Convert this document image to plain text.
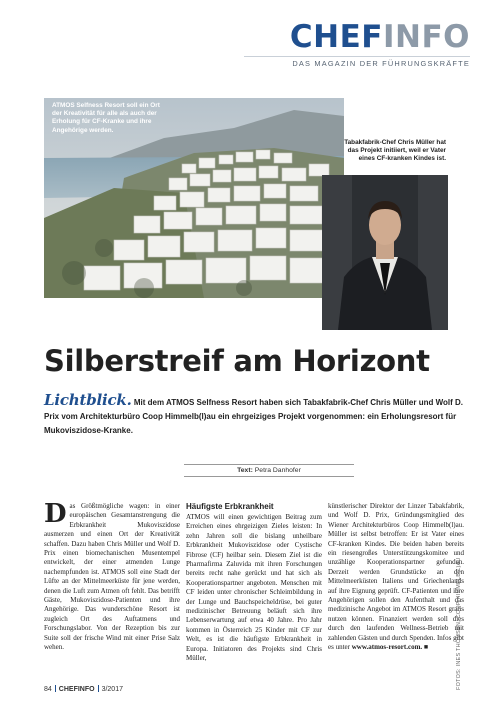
CHEFINFO
DAS MAGAZIN DER FÜHRUNGSKRÄFTE
ATMOS Selfness Resort soll ein Ort der Kreativität für alle als auch der Erholung für CF-Kranke und ihre Angehörige werden.
Tabakfabrik-Chef Chris Müller hat das Projekt initiiert, weil er Vater eines CF-kranken Kindes ist.
Silberstreif am Horizont
Lichtblick. Mit dem ATMOS Selfness Resort haben sich Tabakfabrik-Chef Chris Müller und Wolf D. Prix vom Architekturbüro Coop Himmelb(l)au ein ehrgeiziges Projekt vorgenommen: ein Erholungsresort für Mukoviszidose-Kranke.
Text: Petra Danhofer
D as Größtmögliche wagen: in einer europäischen Gesamtanstrengung die Erbkrankheit Mukoviszidose ausmerzen und einen Ort der Kreativität schaffen. Dazu haben Chris Müller und Wolf D. Prix einen biomechanischen Musentempel entwickelt, der einer atmenden Lunge nachempfunden ist. ATMOS soll eine Stadt der Lüfte an der Mittelmeerküste für jene werden, denen die Luft zum Atmen oft fehlt. Das betrifft Gäste, Mukoviszidose-Patienten und ihre Angehörige. Das wunderschöne Resort ist zugleich Ort des Auftatmens und Forschungslabor. Von der Rezeption bis zur Suite soll der frische Wind mit einer Prise Salz wehen.
Häufigste Erbkrankheit
ATMOS will einen gewichtigen Beitrag zum Erreichen eines ehrgeizigen Zieles leisten: In zehn Jahren soll die bislang unheilbare Erbkrankheit Mukoviszidose oder Cystische Fibrose (CF) heilbar sein. Diesem Ziel ist die Pharmafirma Zaluvida mit ihren Forschungen bereits recht nahe gerückt und hat sich als Kooperationspartner angeboten. Menschen mit CF leiden unter chronischer Schleimbildung in der Lunge und Bauchspeicheldrüse, bei guter medizinischer Betreuung beläuft sich ihre Lebenserwartung auf etwa 40 Jahre. Pro Jahr kommen in Österreich 25 Kinder mit CF zur Welt, es ist die häufigste Erbkrankheit in Europa. Initiatoren des Projekts sind Chris Müller,
künstlerischer Direktor der Linzer Tabakfabrik, und Wolf D. Prix, Gründungsmitglied des Wiener Architekturbüros Coop Himmelb(l)au. Müller ist selbst betroffen: Er ist Vater eines CF-kranken Kindes. Die beiden haben bereits ein riesengroßes Unterstützungskomitee und unzählige Kooperationspartner gefunden. Derzeit werden Grundstücke an den Mittelmeerküsten Italiens und Griechenlands auf ihre Eignung geprüft. CF-Patienten und ihre Angehörigen sollen den Aufenthalt und das medizinische Angebot im ATMOS Resort gratis nutzen können. Finanziert werden soll dies durch den laufenden Wellness-Betrieb mit zahlenden Gästen und durch Spenden. Infos gibt es unter www.atmos-resort.com. ■	FOTOS: INES THOMSEN, COOP HIMMELB(L)AU
84 CHEFINFO 3/2017
